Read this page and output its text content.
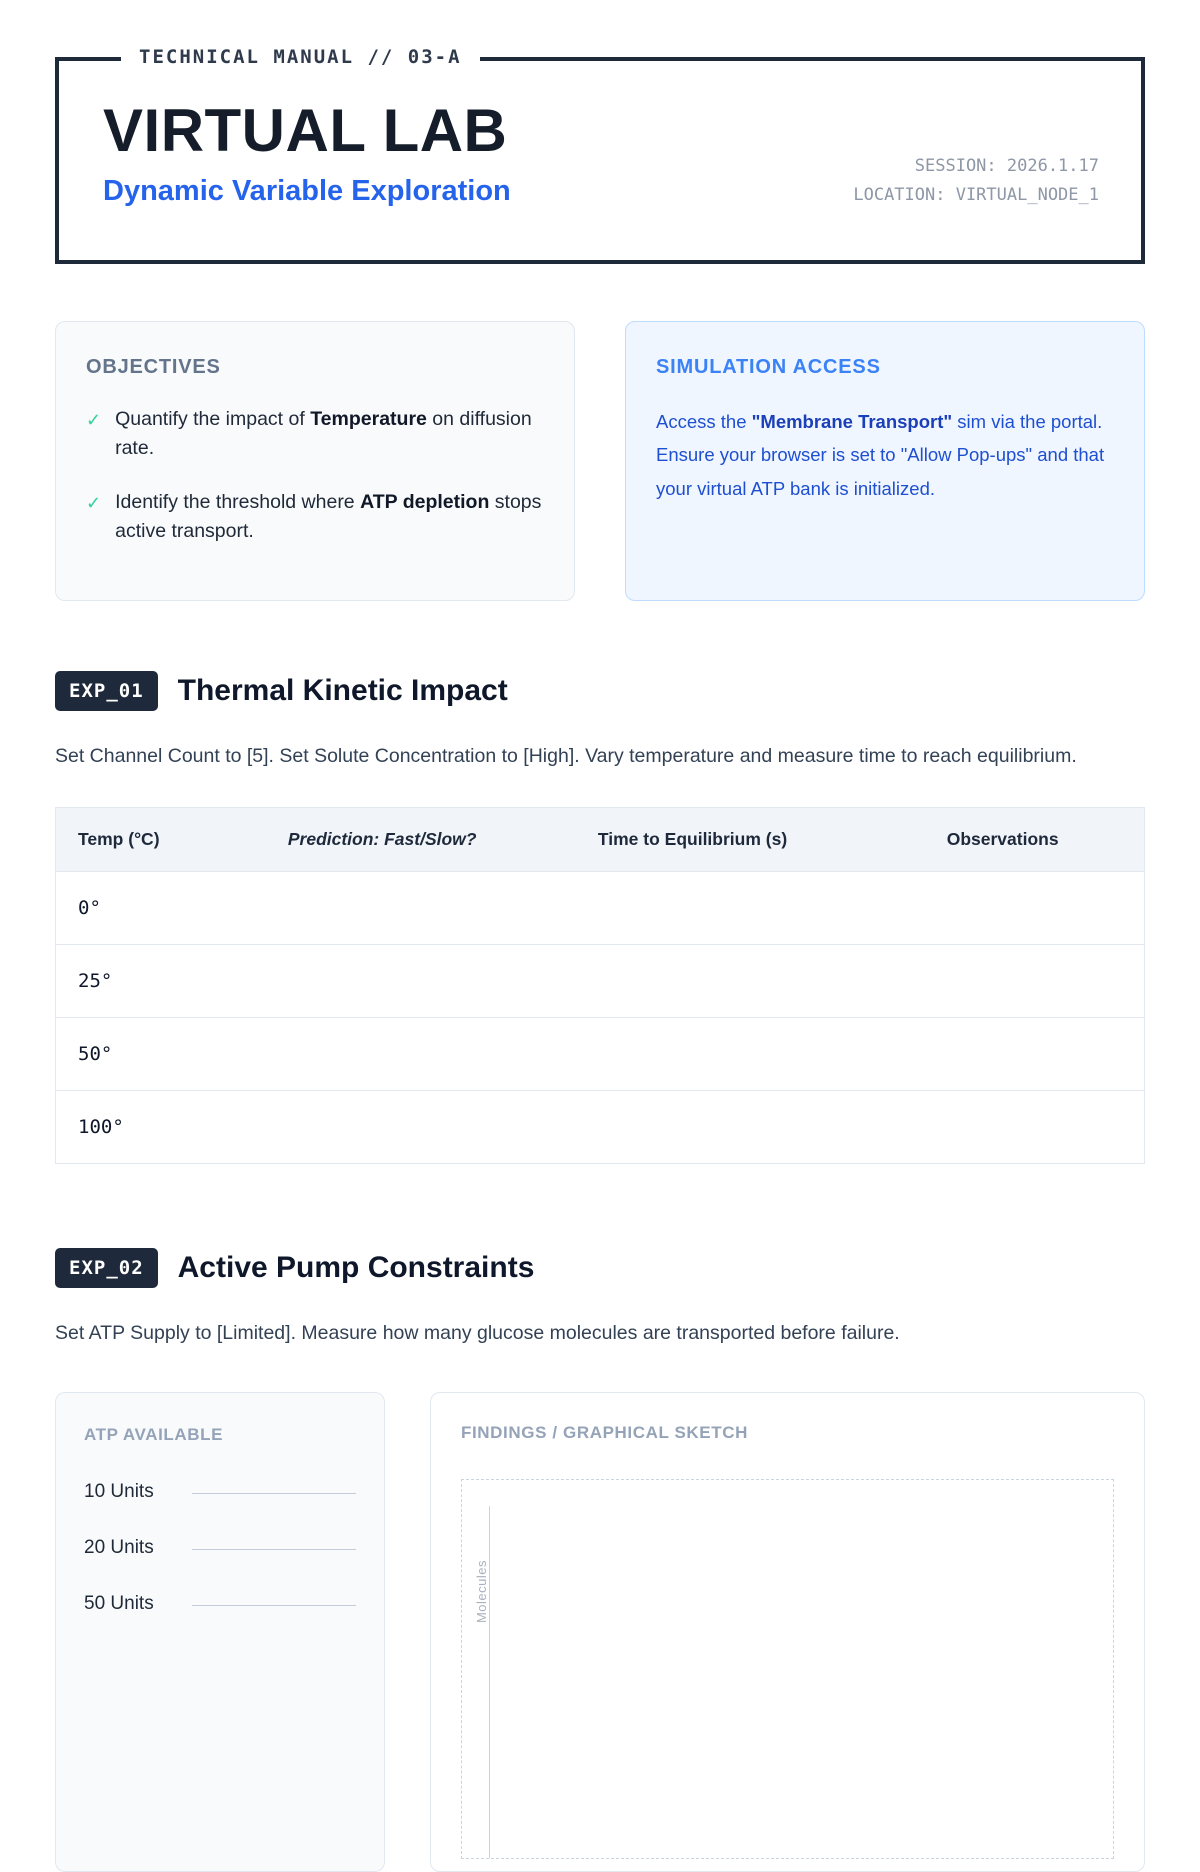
TECHNICAL MANUAL // 03-A
VIRTUAL LAB
Dynamic Variable Exploration
SESSION: 2026.1.17
LOCATION: VIRTUAL_NODE_1
OBJECTIVES
✓ Quantify the impact of Temperature on diffusion rate.
✓ Identify the threshold where ATP depletion stops active transport.
SIMULATION ACCESS

Access the "Membrane Transport" sim via the portal. Ensure your browser is set to "Allow Pop-ups" and that your virtual ATP bank is initialized.

EXP_01	Thermal Kinetic Impact

Set Channel Count to [5]. Set Solute Concentration to [High]. Vary temperature and measure time to reach equilibrium.

Temp (°C)	Prediction: Fast/Slow?	Time to Equilibrium (s)	Observations
0°			
25°			
50°			
100°			
EXP_02	Active Pump Constraints

Set ATP Supply to [Limited]. Measure how many glucose molecules are transported before failure.

ATP AVAILABLE
10 Units
20 Units
50 Units
FINDINGS / GRAPHICAL SKETCH
Molecules
